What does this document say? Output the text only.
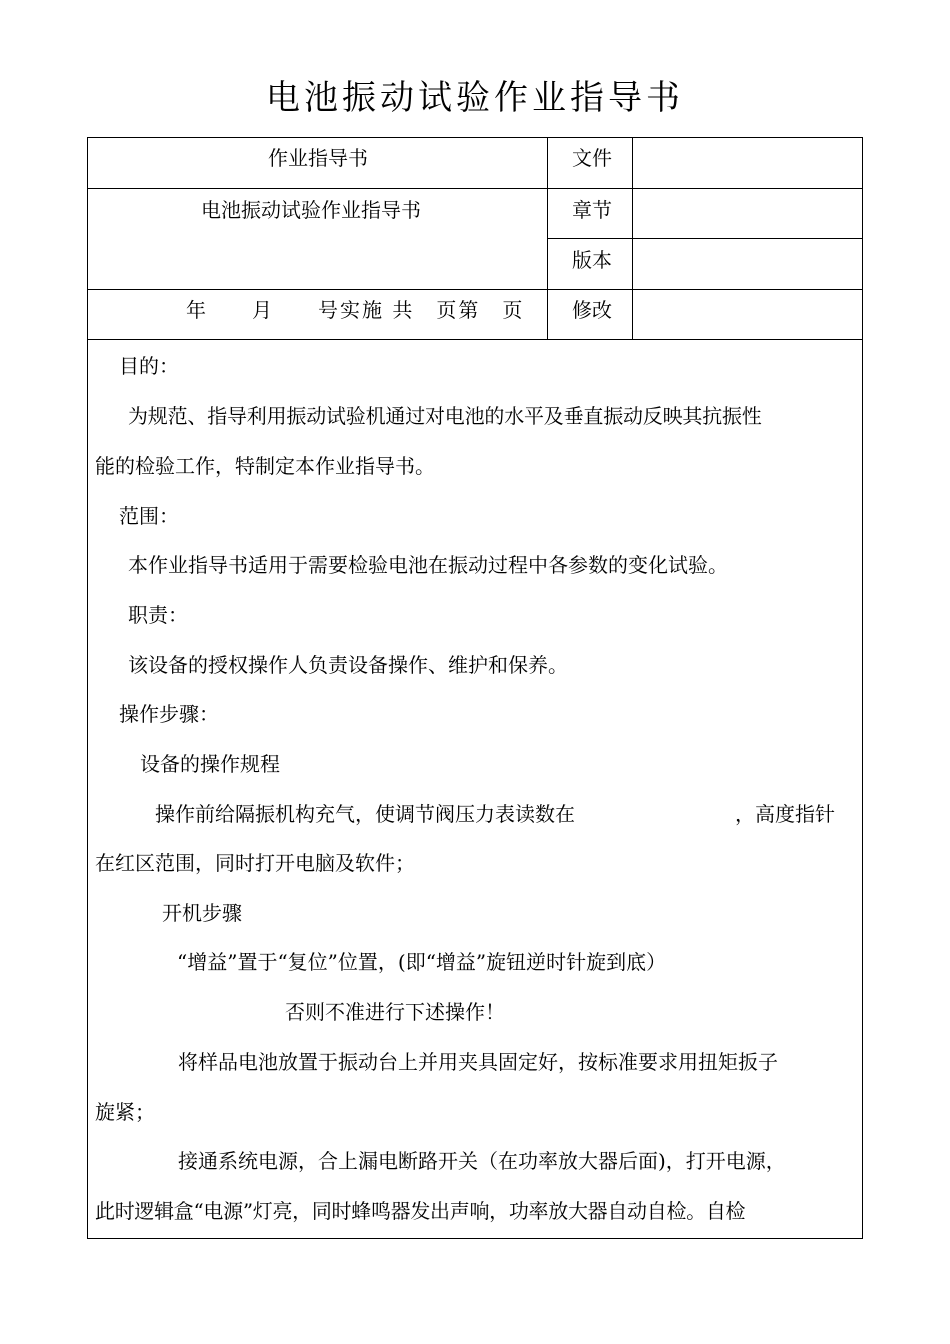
电池振动试验作业指导书
作业指导书
电池振动试验作业指导书
年　　月　　号实施 共　页第　页
文件
章节
版本
修改
目的：
为规范、指导利用振动试验机通过对电池的水平及垂直振动反映其抗振性
能的检验工作，特制定本作业指导书。
范围：
本作业指导书适用于需要检验电池在振动过程中各参数的变化试验。
职责：
该设备的授权操作人负责设备操作、维护和保养。
操作步骤：
设备的操作规程
操作前给隔振机构充气，使调节阀压力表读数在	，高度指针
在红区范围，同时打开电脑及软件；
开机步骤
“增益”置于“复位”位置，(即“增益”旋钮逆时针旋到底）
否则不准进行下述操作！
将样品电池放置于振动台上并用夹具固定好，按标准要求用扭矩扳子
旋紧；
接通系统电源，合上漏电断路开关（在功率放大器后面)，打开电源，
此时逻辑盒“电源”灯亮，同时蜂鸣器发出声响，功率放大器自动自检。自检
